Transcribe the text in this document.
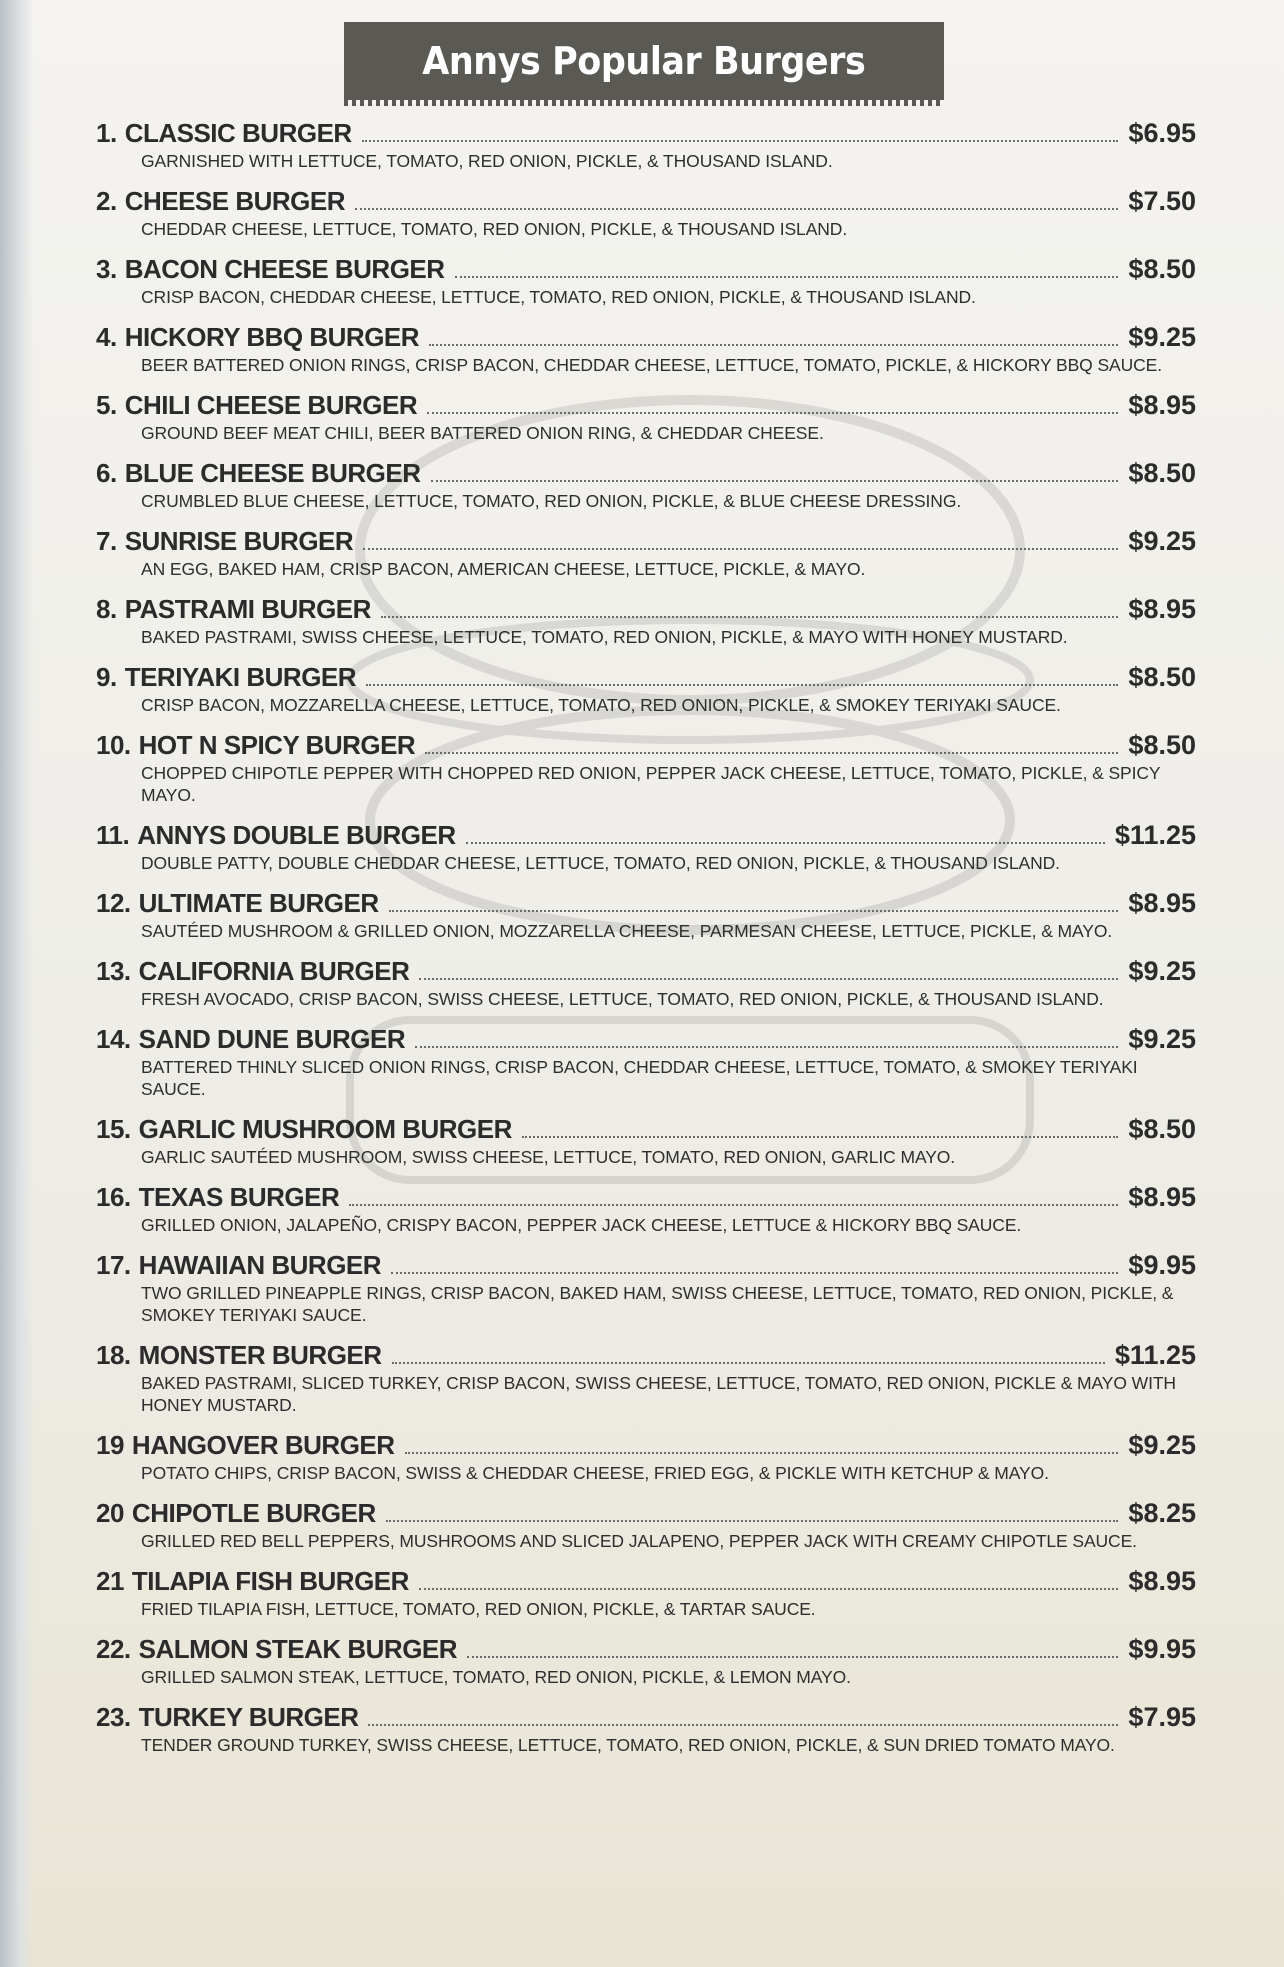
Annys Popular Burgers
1. CLASSIC BURGER	$6.95
GARNISHED WITH LETTUCE, TOMATO, RED ONION, PICKLE, & THOUSAND ISLAND.
2. CHEESE BURGER	$7.50
CHEDDAR CHEESE, LETTUCE, TOMATO, RED ONION, PICKLE, & THOUSAND ISLAND.
3. BACON CHEESE BURGER	$8.50
CRISP BACON, CHEDDAR CHEESE, LETTUCE, TOMATO, RED ONION, PICKLE, & THOUSAND ISLAND.
4. HICKORY BBQ BURGER	$9.25
BEER BATTERED ONION RINGS, CRISP BACON, CHEDDAR CHEESE, LETTUCE, TOMATO, PICKLE, & HICKORY BBQ SAUCE.
5. CHILI CHEESE BURGER	$8.95
GROUND BEEF MEAT CHILI, BEER BATTERED ONION RING, & CHEDDAR CHEESE.
6. BLUE CHEESE BURGER	$8.50
CRUMBLED BLUE CHEESE, LETTUCE, TOMATO, RED ONION, PICKLE, & BLUE CHEESE DRESSING.
7. SUNRISE BURGER	$9.25
AN EGG, BAKED HAM, CRISP BACON, AMERICAN CHEESE, LETTUCE, PICKLE, & MAYO.
8. PASTRAMI BURGER	$8.95
BAKED PASTRAMI, SWISS CHEESE, LETTUCE, TOMATO, RED ONION, PICKLE, & MAYO WITH HONEY MUSTARD.
9. TERIYAKI BURGER	$8.50
CRISP BACON, MOZZARELLA CHEESE, LETTUCE, TOMATO, RED ONION, PICKLE, & SMOKEY TERIYAKI SAUCE.
10. HOT N SPICY BURGER	$8.50
CHOPPED CHIPOTLE PEPPER WITH CHOPPED RED ONION, PEPPER JACK CHEESE, LETTUCE, TOMATO, PICKLE, & SPICY MAYO.
11. ANNYS DOUBLE BURGER	$11.25
DOUBLE PATTY, DOUBLE CHEDDAR CHEESE, LETTUCE, TOMATO, RED ONION, PICKLE, & THOUSAND ISLAND.
12. ULTIMATE BURGER	$8.95
SAUTÉED MUSHROOM & GRILLED ONION, MOZZARELLA CHEESE, PARMESAN CHEESE, LETTUCE, PICKLE, & MAYO.
13. CALIFORNIA BURGER	$9.25
FRESH AVOCADO, CRISP BACON, SWISS CHEESE, LETTUCE, TOMATO, RED ONION, PICKLE, & THOUSAND ISLAND.
14. SAND DUNE BURGER	$9.25
BATTERED THINLY SLICED ONION RINGS, CRISP BACON, CHEDDAR CHEESE, LETTUCE, TOMATO, & SMOKEY TERIYAKI SAUCE.
15. GARLIC MUSHROOM BURGER	$8.50
GARLIC SAUTÉED MUSHROOM, SWISS CHEESE, LETTUCE, TOMATO, RED ONION, GARLIC MAYO.
16. TEXAS BURGER	$8.95
GRILLED ONION, JALAPEÑO, CRISPY BACON, PEPPER JACK CHEESE, LETTUCE & HICKORY BBQ SAUCE.
17. HAWAIIAN BURGER	$9.95
TWO GRILLED PINEAPPLE RINGS, CRISP BACON, BAKED HAM, SWISS CHEESE, LETTUCE, TOMATO, RED ONION, PICKLE, & SMOKEY TERIYAKI SAUCE.
18. MONSTER BURGER	$11.25
BAKED PASTRAMI, SLICED TURKEY, CRISP BACON, SWISS CHEESE, LETTUCE, TOMATO, RED ONION, PICKLE & MAYO WITH HONEY MUSTARD.
19 HANGOVER BURGER	$9.25
POTATO CHIPS, CRISP BACON, SWISS & CHEDDAR CHEESE, FRIED EGG, & PICKLE WITH KETCHUP & MAYO.
20 CHIPOTLE BURGER	$8.25
GRILLED RED BELL PEPPERS, MUSHROOMS AND SLICED JALAPENO, PEPPER JACK WITH CREAMY CHIPOTLE SAUCE.
21 TILAPIA FISH BURGER	$8.95
FRIED TILAPIA FISH, LETTUCE, TOMATO, RED ONION, PICKLE, & TARTAR SAUCE.
22. SALMON STEAK BURGER	$9.95
GRILLED SALMON STEAK, LETTUCE, TOMATO, RED ONION, PICKLE, & LEMON MAYO.
23. TURKEY BURGER	$7.95
TENDER GROUND TURKEY, SWISS CHEESE, LETTUCE, TOMATO, RED ONION, PICKLE, & SUN DRIED TOMATO MAYO.
